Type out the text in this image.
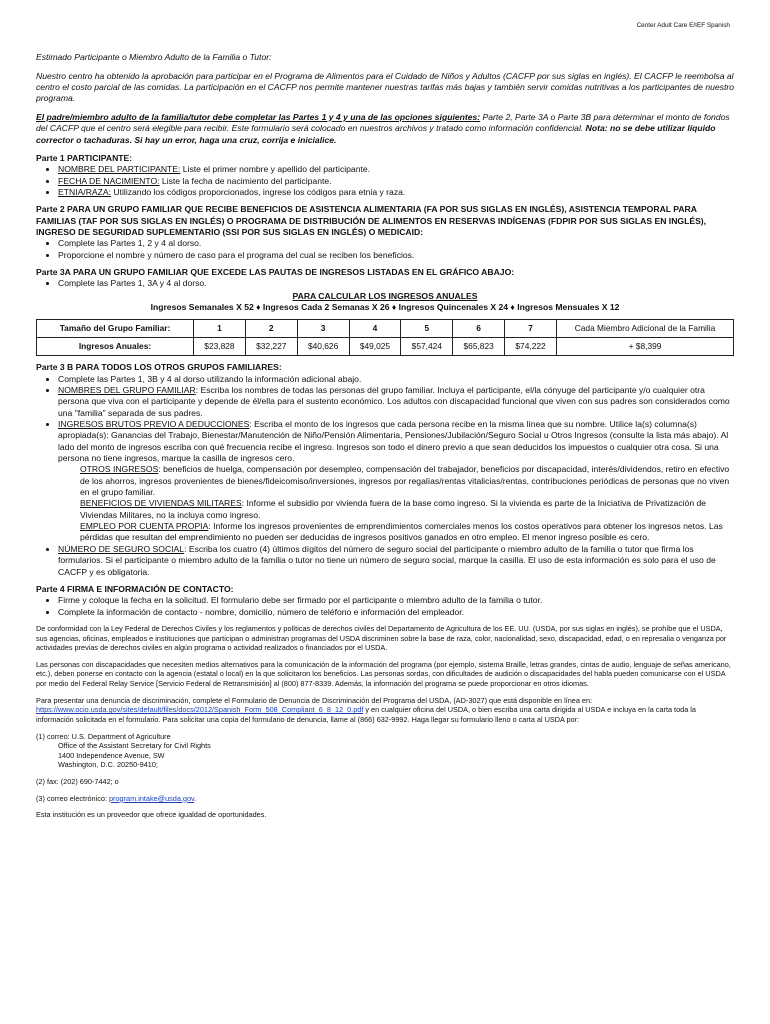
Center Adult Care E/IEF Spanish

Estimado Participante o Miembro Adulto de la Familia o Tutor:

Nuestro centro ha obtenido la aprobación para participar en el Programa de Alimentos para el Cuidado de Niños y Adultos (CACFP por sus siglas en inglés). El CACFP le reembolsa al centro el costo parcial de las comidas. La participación en el CACFP nos permite mantener nuestras tarifas más bajas y también servir comidas nutritivas a los participantes de nuestro programa.

El padre/miembro adulto de la familia/tutor debe completar las Partes 1 y 4 y una de las opciones siguientes: Parte 2, Parte 3A o Parte 3B para determinar el monto de fondos del CACFP que el centro será elegible para recibir. Este formulario será colocado en nuestros archivos y tratado como información confidencial. Nota: no se debe utilizar líquido corrector o tachaduras. Si hay un error, haga una cruz, corrija e inicialice.

Parte 1 PARTICIPANTE:

• NOMBRE DEL PARTICIPANTE: Liste el primer nombre y apellido del participante.
• FECHA DE NACIMIENTO: Liste la fecha de nacimiento del participante.
• ETNIA/RAZA: Utilizando los códigos proporcionados, ingrese los códigos para etnia y raza.

Parte 2 PARA UN GRUPO FAMILIAR QUE RECIBE BENEFICIOS DE ASISTENCIA ALIMENTARIA (FA POR SUS SIGLAS EN INGLÉS), ASISTENCIA TEMPORAL PARA FAMILIAS (TAF POR SUS SIGLAS EN INGLÉS) O PROGRAMA DE DISTRIBUCIÓN DE ALIMENTOS EN RESERVAS INDÍGENAS (FDPIR POR SUS SIGLAS EN INGLÉS), INGRESO DE SEGURIDAD SUPLEMENTARIO (SSI POR SUS SIGLAS EN INGLÉS) O MEDICAID:

• Complete las Partes 1, 2 y 4 al dorso.
• Proporcione el nombre y número de caso para el programa del cual se reciben los beneficios.

Parte 3A PARA UN GRUPO FAMILIAR QUE EXCEDE LAS PAUTAS DE INGRESOS LISTADAS EN EL GRÁFICO ABAJO:

• Complete las Partes 1, 3A y 4 al dorso.

PARA CALCULAR LOS INGRESOS ANUALES

Ingresos Semanales X 52 ♦ Ingresos Cada 2 Semanas X 26 ♦ Ingresos Quincenales X 24 ♦ Ingresos Mensuales X 12

Tamaño del Grupo Familiar:	1	2	3	4	5	6	7	Cada Miembro Adicional de la Familia
Ingresos Anuales:	$23,828	$32,227	$40,626	$49,025	$57,424	$65,823	$74,222	+ $8,399

Parte 3 B PARA TODOS LOS OTROS GRUPOS FAMILIARES:

• Complete las Partes 1, 3B y 4 al dorso utilizando la información adicional abajo.
• NOMBRES DEL GRUPO FAMILIAR: Escriba los nombres de todas las personas del grupo familiar. Incluya el participante, el/la cónyuge del participante y/o cualquier otra persona que viva con el participante y depende de él/ella para el sustento económico. Los adultos con discapacidad funcional que viven con sus padres son considerados como una "familia" separada de sus padres.
• INGRESOS BRUTOS PREVIO A DEDUCCIONES: Escriba el monto de los ingresos que cada persona recibe en la misma línea que su nombre. Utilice la(s) columna(s) apropiada(s): Ganancias del Trabajo, Bienestar/Manutención de Niño/Pensión Alimentaria, Pensiones/Jubilación/Seguro Social u Otros Ingresos (consulte la lista más abajo). Al lado del monto de ingresos escriba con qué frecuencia recibe el ingreso. Ingresos son todo el dinero previo a que sean deducidos los impuestos o cualquier otra cosa. Si una persona no tiene ingresos, marque la casilla de ingresos cero.
OTROS INGRESOS: beneficios de huelga, compensación por desempleo, compensación del trabajador, beneficios por discapacidad, interés/dividendos, retiro en efectivo de los ahorros, ingresos provenientes de bienes/fideicomiso/inversiones, ingresos por regalías/rentas vitalicias/rentas, contribuciones periódicas de personas que no viven en el grupo familiar.
BENEFICIOS DE VIVIENDAS MILITARES: Informe el subsidio por vivienda fuera de la base como ingreso. Si la vivienda es parte de la Iniciativa de Privatización de Viviendas Militares, no la incluya como ingreso.
EMPLEO POR CUENTA PROPIA: Informe los ingresos provenientes de emprendimientos comerciales menos los costos operativos para obtener los ingresos netos. Las pérdidas que resultan del emprendimiento no pueden ser deducidas de ingresos positivos ganados en otro empleo. El menor ingreso posible es cero.
• NÚMERO DE SEGURO SOCIAL: Escriba los cuatro (4) últimos dígitos del número de seguro social del participante o miembro adulto de la familia o tutor que firma los formularios. Si el participante o miembro adulto de la familia o tutor no tiene un número de seguro social, marque la casilla. El uso de esta información es solo para el uso de CACFP y es obligatoria.

Parte 4 FIRMA E INFORMACIÓN DE CONTACTO:

• Firme y coloque la fecha en la solicitud. El formulario debe ser firmado por el participante o miembro adulto de la familia o tutor.
• Complete la información de contacto - nombre, domicilio, número de teléfono e información del empleador.

De conformidad con la Ley Federal de Derechos Civiles y los reglamentos y políticas de derechos civiles del Departamento de Agricultura de los EE. UU. (USDA, por sus siglas en inglés), se prohíbe que el USDA, sus agencias, oficinas, empleados e instituciones que participan o administran programas del USDA discriminen sobre la base de raza, color, nacionalidad, sexo, discapacidad, edad, o en represalia o venganza por actividades previas de derechos civiles en algún programa o actividad realizados o financiados por el USDA.

Las personas con discapacidades que necesiten medios alternativos para la comunicación de la información del programa (por ejemplo, sistema Braille, letras grandes, cintas de audio, lenguaje de señas americano, etc.), deben ponerse en contacto con la agencia (estatal o local) en la que solicitaron los beneficios. Las personas sordas, con dificultades de audición o discapacidades del habla pueden comunicarse con el USDA por medio del Federal Relay Service [Servicio Federal de Retransmisión] al (800) 877-8339. Además, la información del programa se puede proporcionar en otros idiomas.

Para presentar una denuncia de discriminación, complete el Formulario de Denuncia de Discriminación del Programa del USDA, (AD-3027) que está disponible en línea en: https://www.ocio.usda.gov/sites/default/files/docs/2012/Spanish_Form_508_Compliant_6_8_12_0.pdf y en cualquier oficina del USDA, o bien escriba una carta dirigida al USDA e incluya en la carta toda la información solicitada en el formulario. Para solicitar una copia del formulario de denuncia, llame al (866) 632-9992. Haga llegar su formulario lleno o carta al USDA por:

(1) correo: U.S. Department of Agriculture

Office of the Assistant Secretary for Civil Rights

1400 Independence Avenue, SW

Washington, D.C. 20250-9410;

(2) fax: (202) 690-7442; o

(3) correo electrónico: program.intake@usda.gov.

Esta institución es un proveedor que ofrece igualdad de oportunidades.
